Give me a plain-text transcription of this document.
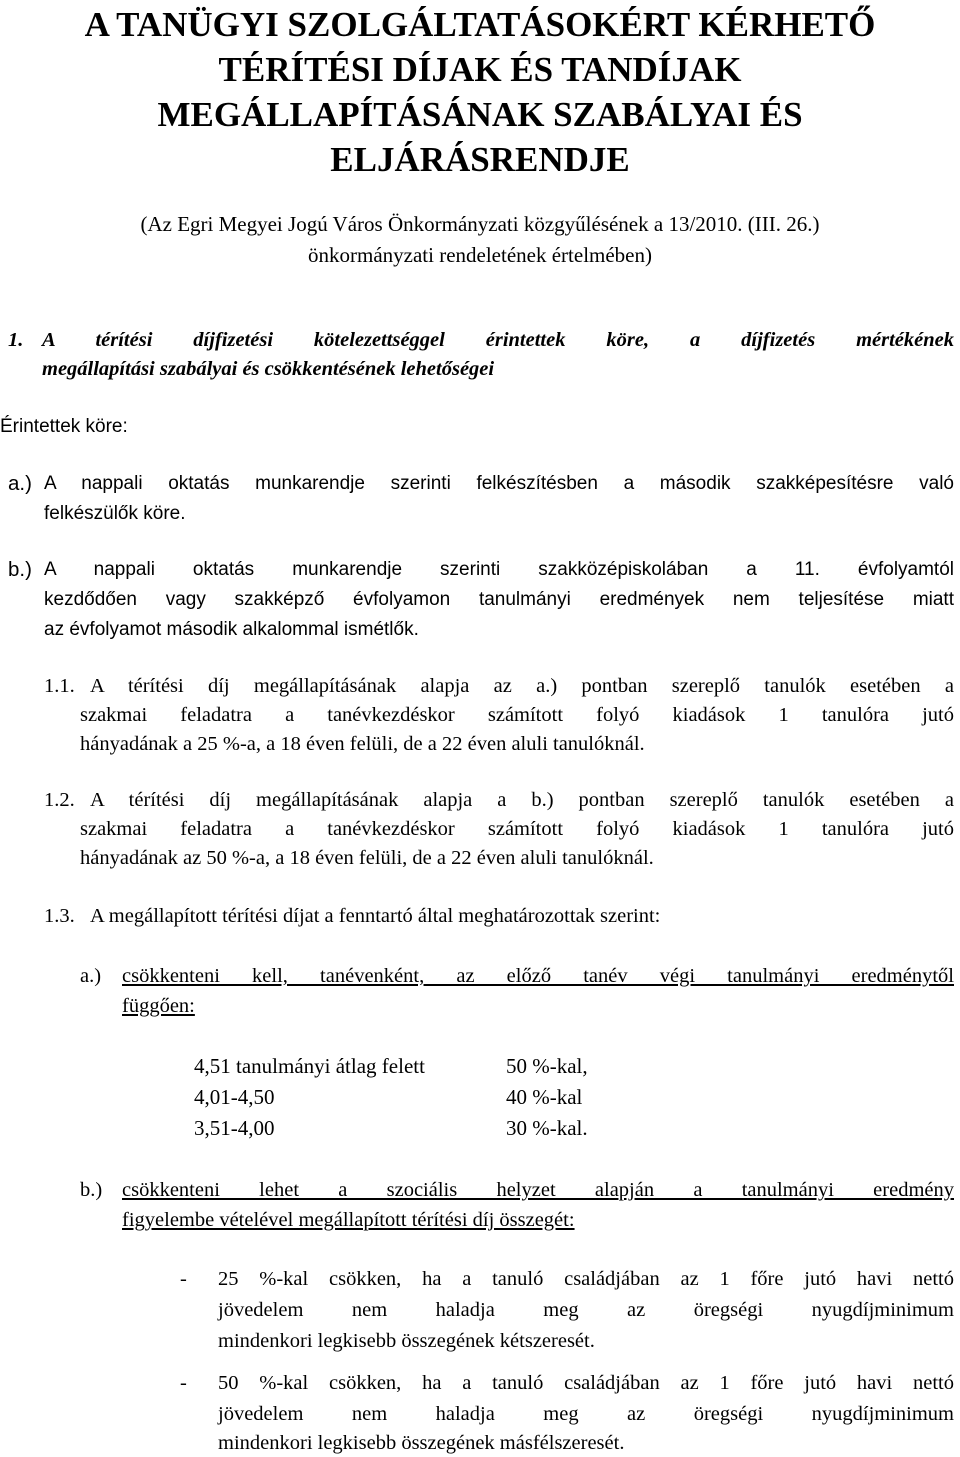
A TANÜGYI SZOLGÁLTATÁSOKÉRT KÉRHETŐ
TÉRÍTÉSI DÍJAK ÉS TANDÍJAK
MEGÁLLAPÍTÁSÁNAK SZABÁLYAI ÉS
ELJÁRÁSRENDJE
(Az Egri Megyei Jogú Város Önkormányzati közgyűlésének a 13/2010. (III. 26.)
önkormányzati rendeletének értelmében)
1. A térítési díjfizetési kötelezettséggel érintettek köre, a díjfizetés mértékének
megállapítási szabályai és csökkentésének lehetőségei
Érintettek köre:
a.) A nappali oktatás munkarendje szerinti felkészítésben a második szakképesítésre való
felkészülők köre.
b.) A nappali oktatás munkarendje szerinti szakközépiskolában a 11. évfolyamtól
kezdődően vagy szakképző évfolyamon tanulmányi eredmények nem teljesítése miatt
az évfolyamot második alkalommal ismétlők.
1.1. A térítési díj megállapításának alapja az a.) pontban szereplő tanulók esetében a
szakmai feladatra a tanévkezdéskor számított folyó kiadások 1 tanulóra jutó
hányadának a 25 %-a, a 18 éven felüli, de a 22 éven aluli tanulóknál.
1.2. A térítési díj megállapításának alapja a b.) pontban szereplő tanulók esetében a
szakmai feladatra a tanévkezdéskor számított folyó kiadások 1 tanulóra jutó
hányadának az 50 %-a, a 18 éven felüli, de a 22 éven aluli tanulóknál.
1.3. A megállapított térítési díjat a fenntartó által meghatározottak szerint:
a.) csökkenteni kell, tanévenként, az előző tanév végi tanulmányi eredménytől
függően:
4,51 tanulmányi átlag felett	50 %-kal,
4,01-4,50	40 %-kal
3,51-4,00	30 %-kal.
b.) csökkenteni lehet a szociális helyzet alapján a tanulmányi eredmény
figyelembe vételével megállapított térítési díj összegét:
- 25 %-kal csökken, ha a tanuló családjában az 1 főre jutó havi nettó
jövedelem nem haladja meg az öregségi nyugdíjminimum
mindenkori legkisebb összegének kétszeresét.
- 50 %-kal csökken, ha a tanuló családjában az 1 főre jutó havi nettó
jövedelem nem haladja meg az öregségi nyugdíjminimum
mindenkori legkisebb összegének másfélszeresét.
